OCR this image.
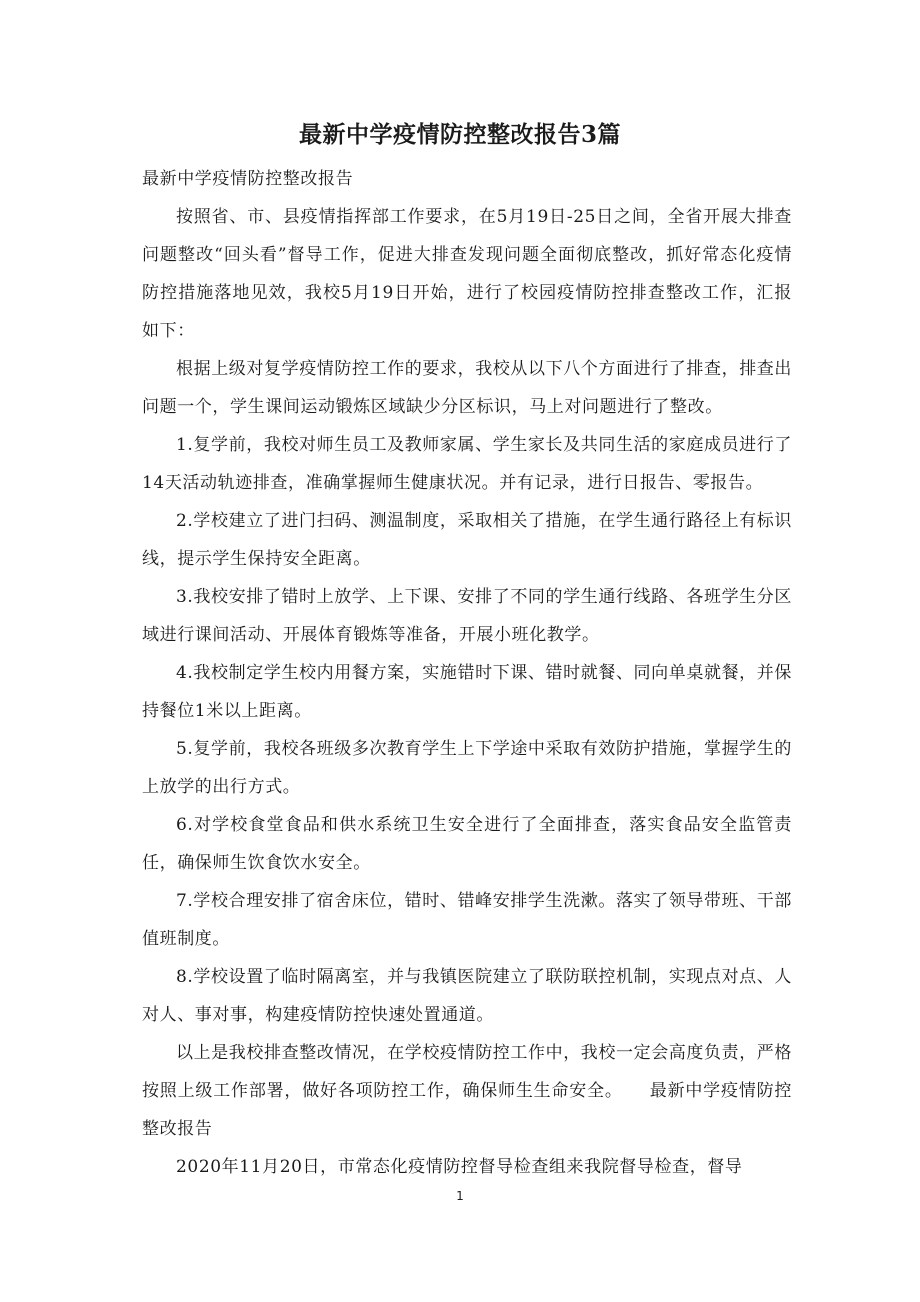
最新中学疫情防控整改报告3篇

最新中学疫情防控整改报告

按照省、市、县疫情指挥部工作要求，在5月19日-25日之间，全省开展大排查问题整改“回头看”督导工作，促进大排查发现问题全面彻底整改，抓好常态化疫情防控措施落地见效，我校5月19日开始，进行了校园疫情防控排查整改工作，汇报如下：

根据上级对复学疫情防控工作的要求，我校从以下八个方面进行了排查，排查出问题一个，学生课间运动锻炼区域缺少分区标识，马上对问题进行了整改。

1.复学前，我校对师生员工及教师家属、学生家长及共同生活的家庭成员进行了14天活动轨迹排查，准确掌握师生健康状况。并有记录，进行日报告、零报告。

2.学校建立了进门扫码、测温制度，采取相关了措施，在学生通行路径上有标识线，提示学生保持安全距离。

3.我校安排了错时上放学、上下课、安排了不同的学生通行线路、各班学生分区域进行课间活动、开展体育锻炼等准备，开展小班化教学。

4.我校制定学生校内用餐方案，实施错时下课、错时就餐、同向单桌就餐，并保持餐位1米以上距离。

5.复学前，我校各班级多次教育学生上下学途中采取有效防护措施，掌握学生的上放学的出行方式。

6.对学校食堂食品和供水系统卫生安全进行了全面排查，落实食品安全监管责任，确保师生饮食饮水安全。

7.学校合理安排了宿舍床位，错时、错峰安排学生洗漱。落实了领导带班、干部值班制度。

8.学校设置了临时隔离室，并与我镇医院建立了联防联控机制，实现点对点、人对人、事对事，构建疫情防控快速处置通道。

以上是我校排查整改情况，在学校疫情防控工作中，我校一定会高度负责，严格按照上级工作部署，做好各项防控工作，确保师生生命安全。　　最新中学疫情防控整改报告

2020年11月20日，市常态化疫情防控督导检查组来我院督导检查，督导

1
